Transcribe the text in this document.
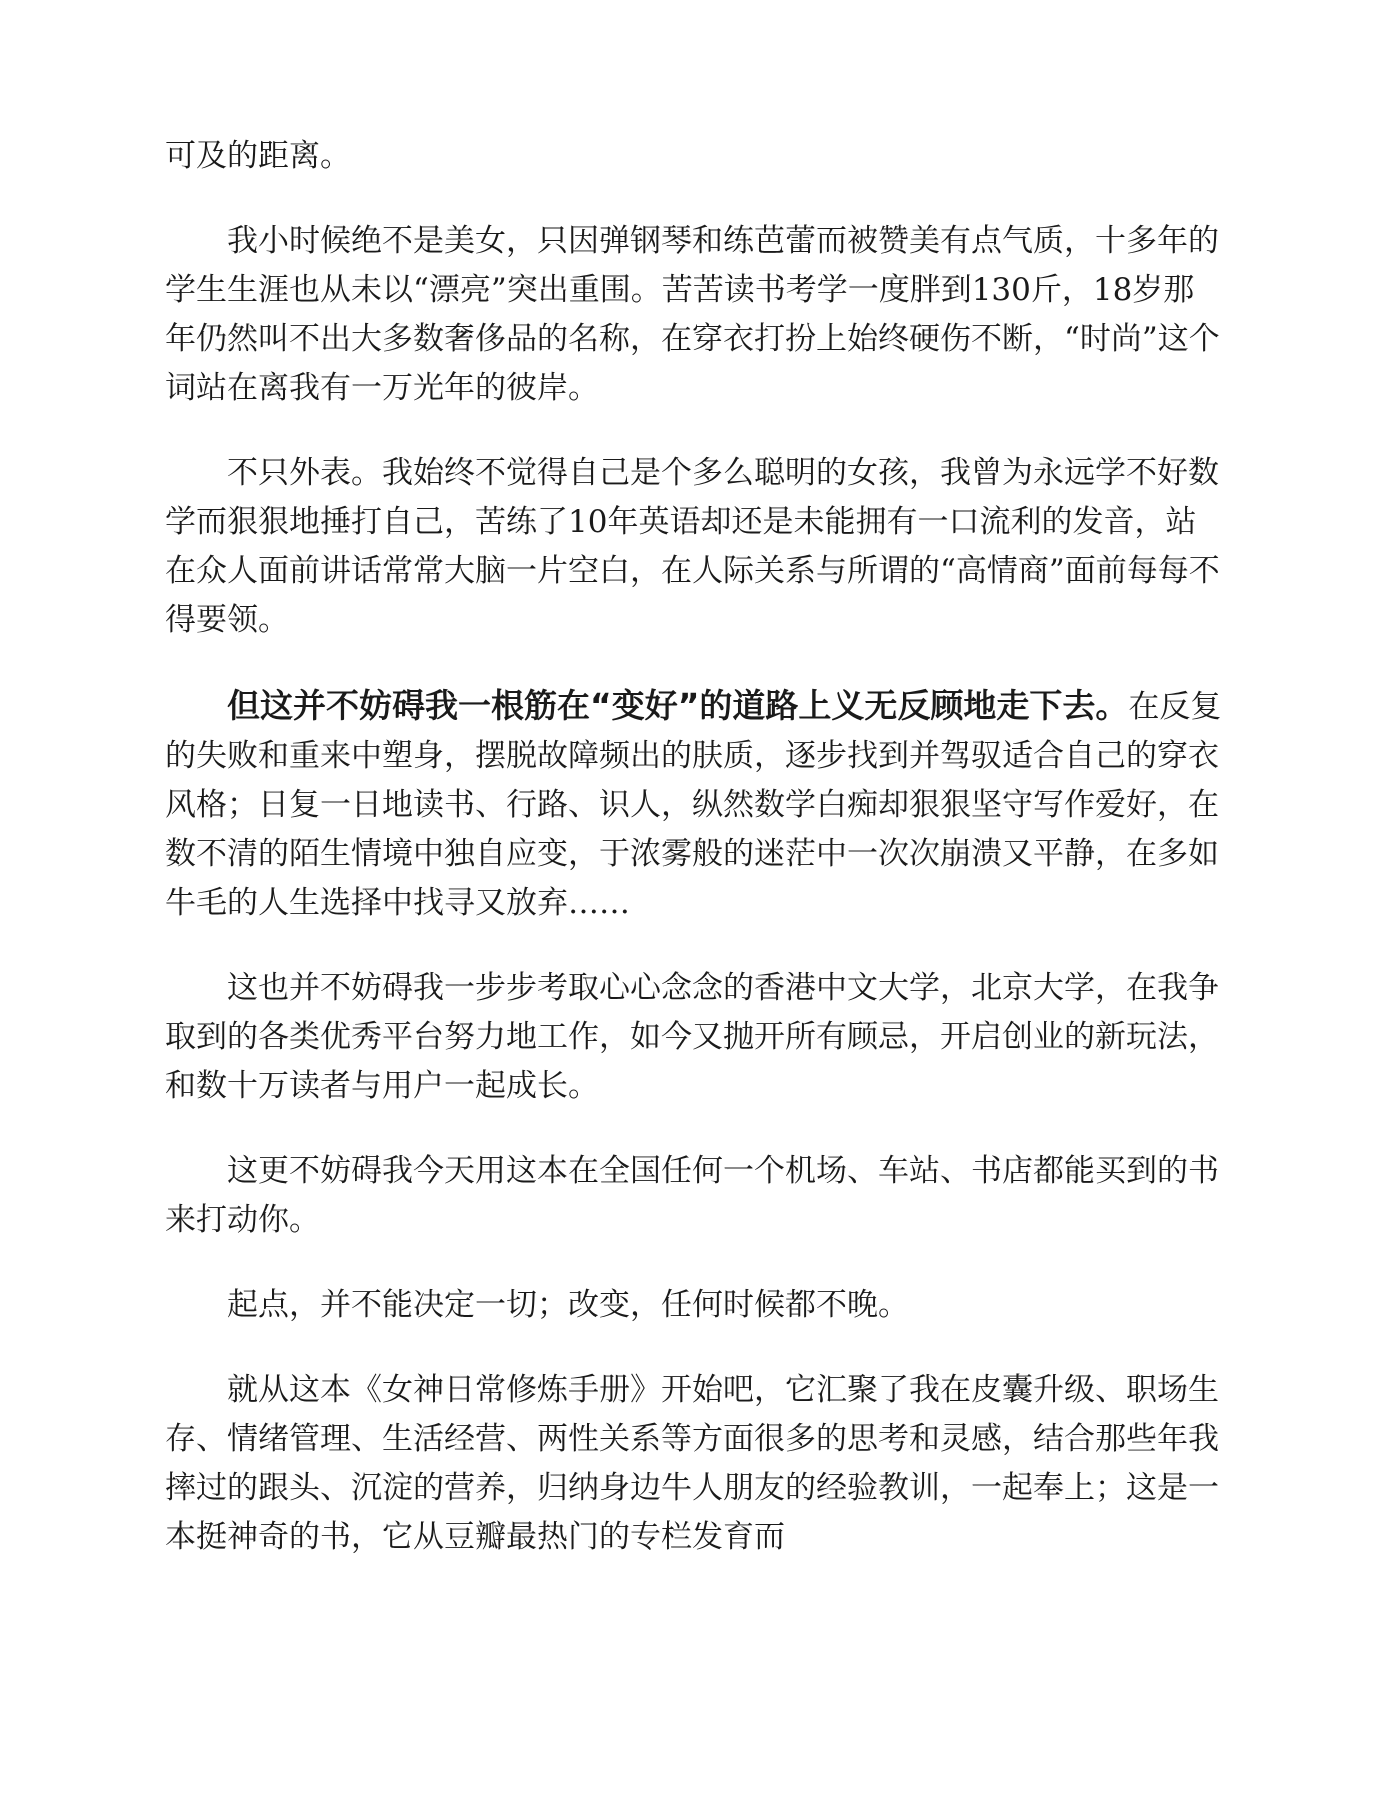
可及的距离。

我小时候绝不是美女，只因弹钢琴和练芭蕾而被赞美有点气质，十多年的学生生涯也从未以“漂亮”突出重围。苦苦读书考学一度胖到130斤，18岁那年仍然叫不出大多数奢侈品的名称，在穿衣打扮上始终硬伤不断，“时尚”这个词站在离我有一万光年的彼岸。

不只外表。我始终不觉得自己是个多么聪明的女孩，我曾为永远学不好数学而狠狠地捶打自己，苦练了10年英语却还是未能拥有一口流利的发音，站在众人面前讲话常常大脑一片空白，在人际关系与所谓的“高情商”面前每每不得要领。

但这并不妨碍我一根筋在“变好”的道路上义无反顾地走下去。在反复的失败和重来中塑身，摆脱故障频出的肤质，逐步找到并驾驭适合自己的穿衣风格；日复一日地读书、行路、识人，纵然数学白痴却狠狠坚守写作爱好，在数不清的陌生情境中独自应变，于浓雾般的迷茫中一次次崩溃又平静，在多如牛毛的人生选择中找寻又放弃……

这也并不妨碍我一步步考取心心念念的香港中文大学，北京大学，在我争取到的各类优秀平台努力地工作，如今又抛开所有顾忌，开启创业的新玩法，和数十万读者与用户一起成长。

这更不妨碍我今天用这本在全国任何一个机场、车站、书店都能买到的书来打动你。

起点，并不能决定一切；改变，任何时候都不晚。

就从这本《女神日常修炼手册》开始吧，它汇聚了我在皮囊升级、职场生存、情绪管理、生活经营、两性关系等方面很多的思考和灵感，结合那些年我摔过的跟头、沉淀的营养，归纳身边牛人朋友的经验教训，一起奉上；这是一本挺神奇的书，它从豆瓣最热门的专栏发育而
